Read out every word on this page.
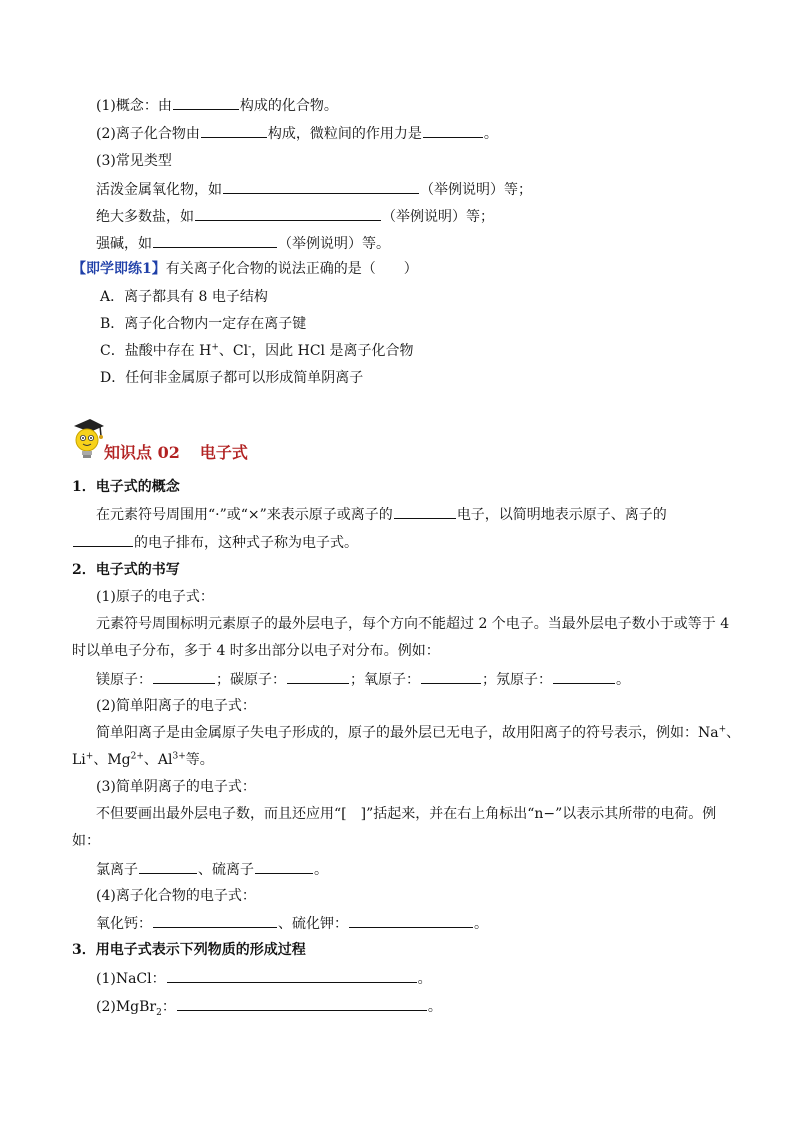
(1)概念：由	构成的化合物。
(2)离子化合物由	构成，微粒间的作用力是	。
(3)常见类型
活泼金属氧化物，如	（举例说明）等；
绝大多数盐，如	（举例说明）等；
强碱，如	（举例说明）等。
【即学即练1】有关离子化合物的说法正确的是（　　）
A．离子都具有 8 电子结构
B．离子化合物内一定存在离子键
C．盐酸中存在 H+、Cl-，因此 HCl 是离子化合物
D．任何非金属原子都可以形成简单阴离子
知识点 02 电子式
1．电子式的概念
在元素符号周围用“·”或“×”来表示原子或离子的	电子，以简明地表示原子、离子的
的电子排布，这种式子称为电子式。
2．电子式的书写
(1)原子的电子式：
元素符号周围标明元素原子的最外层电子，每个方向不能超过 2 个电子。当最外层电子数小于或等于 4
时以单电子分布，多于 4 时多出部分以电子对分布。例如：
镁原子：	；碳原子：	；氧原子：	；氖原子：	。
(2)简单阳离子的电子式：
简单阳离子是由金属原子失电子形成的，原子的最外层已无电子，故用阳离子的符号表示，例如：Na+、
Li+、$Mg^{2+}$、$Al^{3+}$等。
(3)简单阴离子的电子式：
不但要画出最外层电子数，而且还应用“[　]”括起来，并在右上角标出“n−”以表示其所带的电荷。例
如：
氯离子	、硫离子	。
(4)离子化合物的电子式：
氧化钙：	、硫化钾：	。
3．用电子式表示下列物质的形成过程
(1)NaCl：	。
(2)MgBr$_2$：	。
